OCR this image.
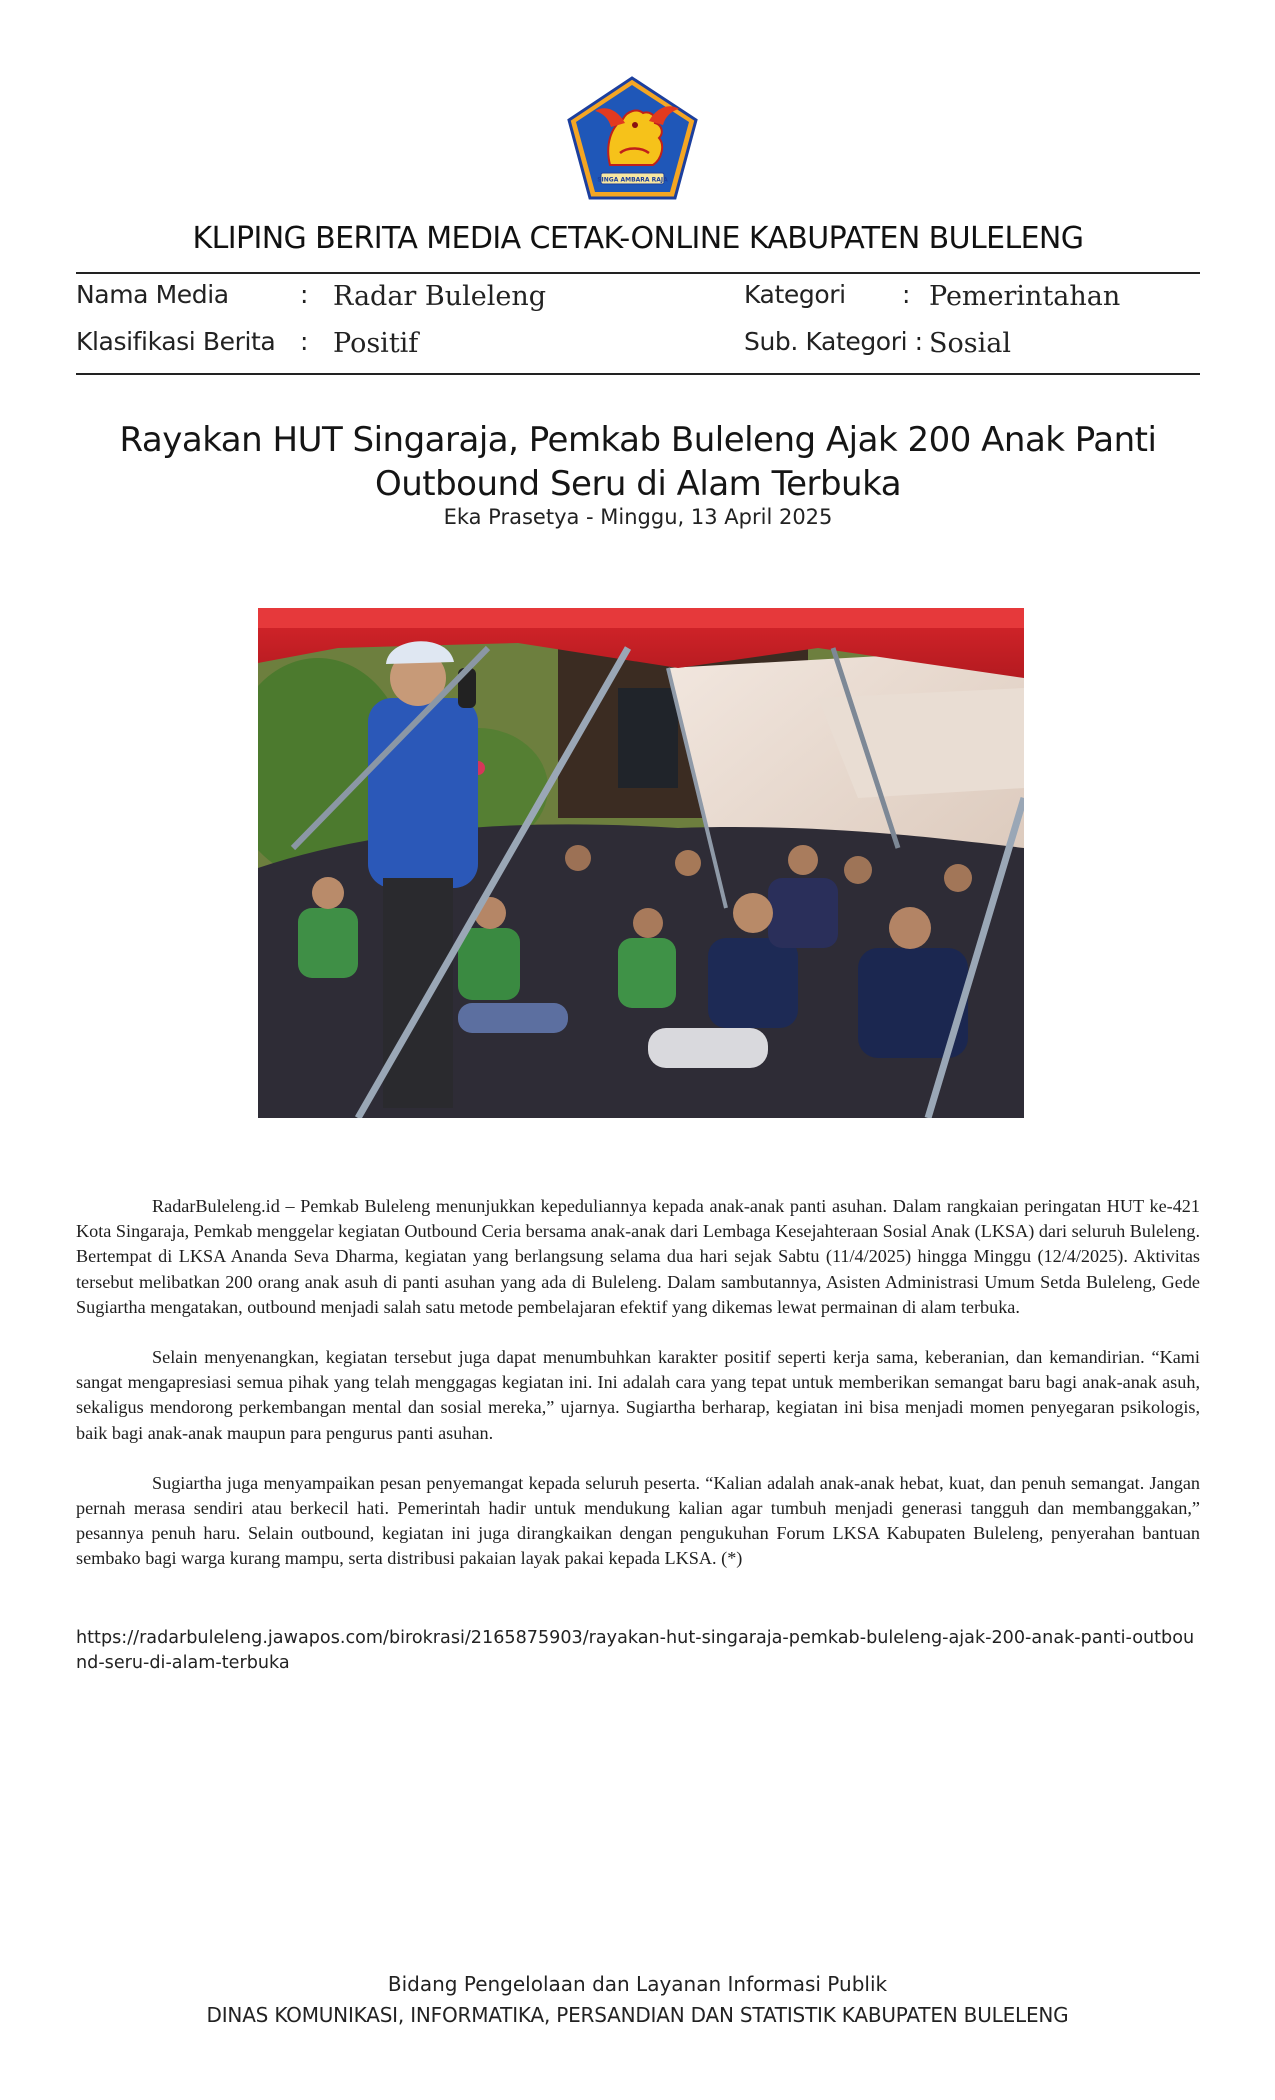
SINGA AMBARA RAJA
KLIPING BERITA MEDIA CETAK-ONLINE KABUPATEN BULELENG
Nama Media	: Radar Buleleng	Kategori : Pemerintahan
Klasifikasi Berita : Positif	Sub. Kategori : Sosial
Rayakan HUT Singaraja, Pemkab Buleleng Ajak 200 Anak Panti
Outbound Seru di Alam Terbuka
Eka Prasetya - Minggu, 13 April 2025

RadarBuleleng.id – Pemkab Buleleng menunjukkan kepeduliannya kepada anak-anak panti asuhan. Dalam rangkaian peringatan HUT ke-421 Kota Singaraja, Pemkab menggelar kegiatan Outbound Ceria bersama anak-anak dari Lembaga Kesejahteraan Sosial Anak (LKSA) dari seluruh Buleleng. Bertempat di LKSA Ananda Seva Dharma, kegiatan yang berlangsung selama dua hari sejak Sabtu (11/4/2025) hingga Minggu (12/4/2025). Aktivitas tersebut melibatkan 200 orang anak asuh di panti asuhan yang ada di Buleleng. Dalam sambutannya, Asisten Administrasi Umum Setda Buleleng, Gede Sugiartha mengatakan, outbound menjadi salah satu metode pembelajaran efektif yang dikemas lewat permainan di alam terbuka.

Selain menyenangkan, kegiatan tersebut juga dapat menumbuhkan karakter positif seperti kerja sama, keberanian, dan kemandirian. “Kami sangat mengapresiasi semua pihak yang telah menggagas kegiatan ini. Ini adalah cara yang tepat untuk memberikan semangat baru bagi anak-anak asuh, sekaligus mendorong perkembangan mental dan sosial mereka,” ujarnya. Sugiartha berharap, kegiatan ini bisa menjadi momen penyegaran psikologis, baik bagi anak-anak maupun para pengurus panti asuhan.

Sugiartha juga menyampaikan pesan penyemangat kepada seluruh peserta. “Kalian adalah anak-anak hebat, kuat, dan penuh semangat. Jangan pernah merasa sendiri atau berkecil hati. Pemerintah hadir untuk mendukung kalian agar tumbuh menjadi generasi tangguh dan membanggakan,” pesannya penuh haru. Selain outbound, kegiatan ini juga dirangkaikan dengan pengukuhan Forum LKSA Kabupaten Buleleng, penyerahan bantuan sembako bagi warga kurang mampu, serta distribusi pakaian layak pakai kepada LKSA. (*)

https://radarbuleleng.jawapos.com/birokrasi/2165875903/rayakan-hut-singaraja-pemkab-buleleng-ajak-200-anak-panti-outbound-seru-di-alam-terbuka
Bidang Pengelolaan dan Layanan Informasi Publik
DINAS KOMUNIKASI, INFORMATIKA, PERSANDIAN DAN STATISTIK KABUPATEN BULELENG
